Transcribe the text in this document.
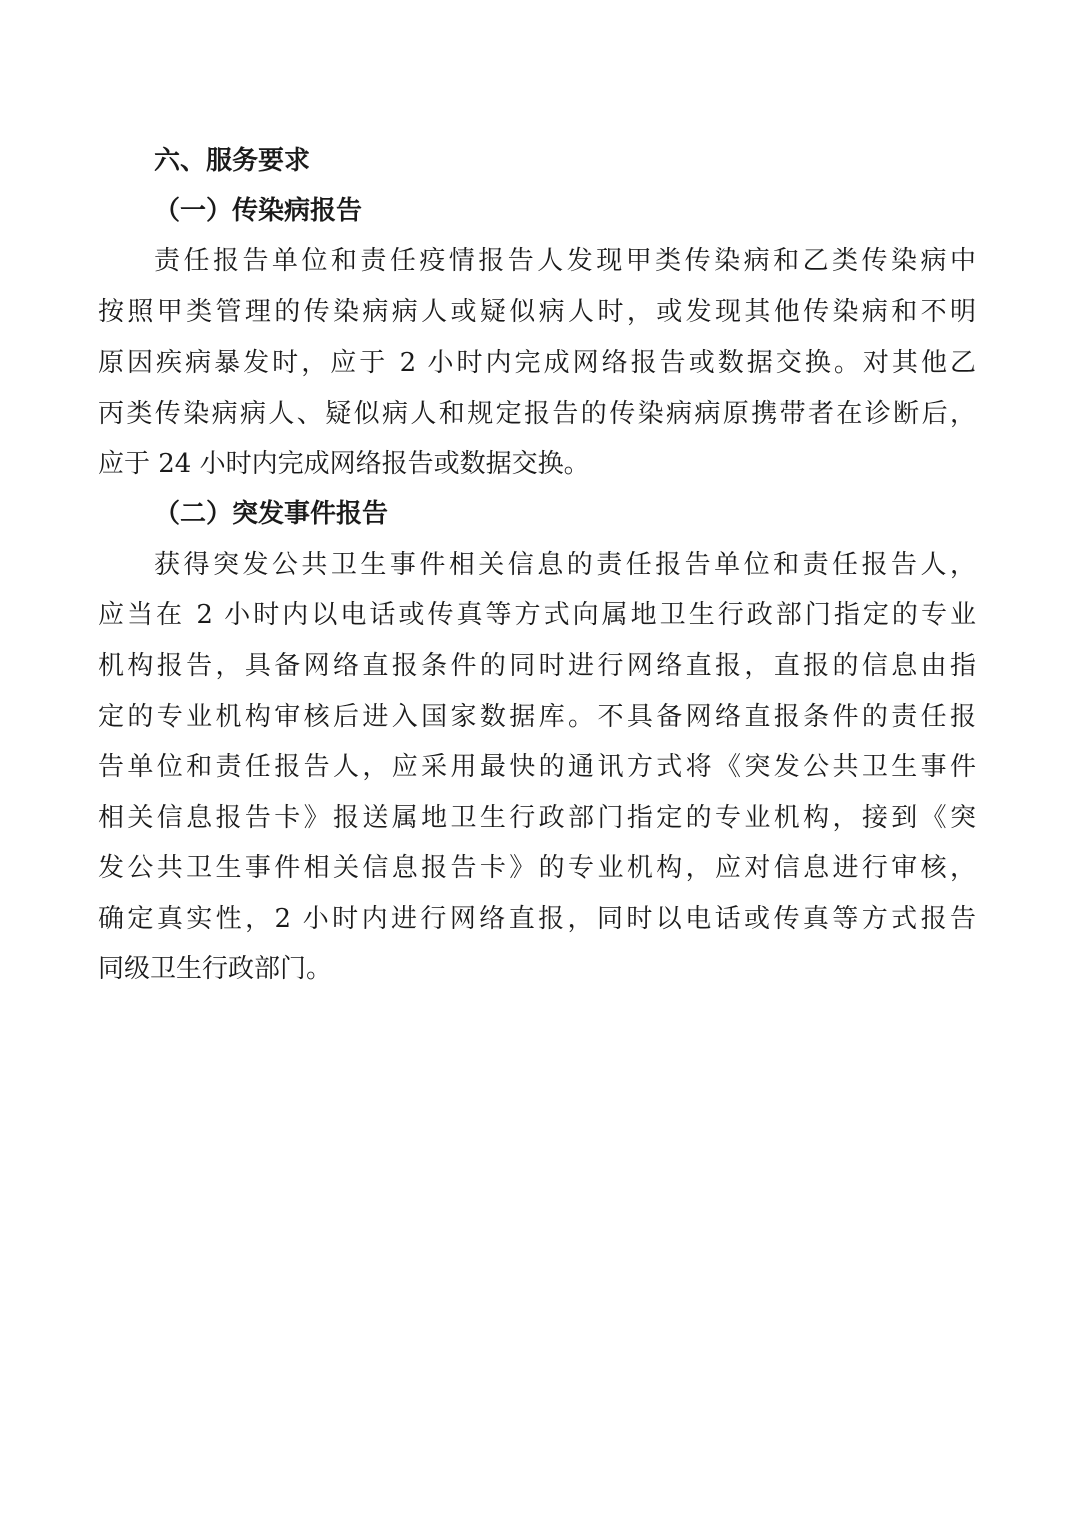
六、服务要求
（一）传染病报告
责任报告单位和责任疫情报告人发现甲类传染病和乙类传染病中
按照甲类管理的传染病病人或疑似病人时，或发现其他传染病和不明
原因疾病暴发时，应于 2 小时内完成网络报告或数据交换。对其他乙
丙类传染病病人、疑似病人和规定报告的传染病病原携带者在诊断后，
应于 24 小时内完成网络报告或数据交换。
（二）突发事件报告
获得突发公共卫生事件相关信息的责任报告单位和责任报告人，
应当在 2 小时内以电话或传真等方式向属地卫生行政部门指定的专业
机构报告，具备网络直报条件的同时进行网络直报，直报的信息由指
定的专业机构审核后进入国家数据库。不具备网络直报条件的责任报
告单位和责任报告人，应采用最快的通讯方式将《突发公共卫生事件
相关信息报告卡》报送属地卫生行政部门指定的专业机构，接到《突
发公共卫生事件相关信息报告卡》的专业机构，应对信息进行审核，
确定真实性，2 小时内进行网络直报，同时以电话或传真等方式报告
同级卫生行政部门。
